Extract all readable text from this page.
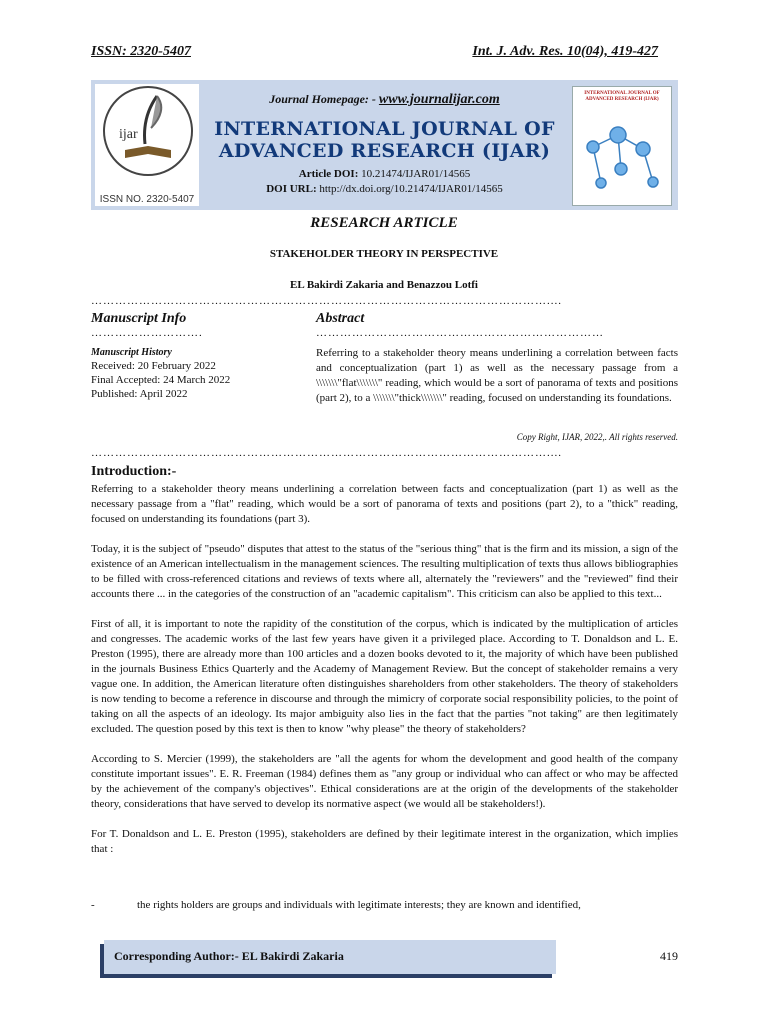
ISSN: 2320-5407	Int. J. Adv. Res. 10(04), 419-427
ijar
ISSN NO. 2320-5407
Journal Homepage: - www.journalijar.com
INTERNATIONAL JOURNAL OF
ADVANCED RESEARCH (IJAR)
Article DOI: 10.21474/IJAR01/14565
DOI URL: http://dx.doi.org/10.21474/IJAR01/14565
INTERNATIONAL JOURNAL OF ADVANCED RESEARCH (IJAR)
RESEARCH ARTICLE
STAKEHOLDER THEORY IN PERSPECTIVE
EL Bakirdi Zakaria and Benazzou Lotfi
……………………………………………………………………………………………………....
Manuscript Info	Abstract
……………………….	………………………………………………………………
Manuscript History
Received: 20 February 2022
Final Accepted: 24 March 2022
Published: April 2022
Referring to a stakeholder theory means underlining a correlation between facts and conceptualization (part 1) as well as the necessary passage from a \\\\\\\"flat\\\\\\\" reading, which would be a sort of panorama of texts and positions (part 2), to a \\\\\\\"thick\\\\\\\" reading, focused on understanding its foundations.
Copy Right, IJAR, 2022,. All rights reserved.
……………………………………………………………………………………………………....
Introduction:-

Referring to a stakeholder theory means underlining a correlation between facts and conceptualization (part 1) as well as the necessary passage from a "flat" reading, which would be a sort of panorama of texts and positions (part 2), to a "thick" reading, focused on understanding its foundations (part 3).

Today, it is the subject of "pseudo" disputes that attest to the status of the "serious thing" that is the firm and its mission, a sign of the existence of an American intellectualism in the management sciences. The resulting multiplication of texts thus allows bibliographies to be filled with cross-referenced citations and reviews of texts where all, alternately the "reviewers" and the "reviewed" find their accounts there ... in the categories of the construction of an "academic capitalism". This criticism can also be applied to this text...

First of all, it is important to note the rapidity of the constitution of the corpus, which is indicated by the multiplication of articles and congresses. The academic works of the last few years have given it a privileged place. According to T. Donaldson and L. E. Preston (1995), there are already more than 100 articles and a dozen books devoted to it, the majority of which have been published in the journals Business Ethics Quarterly and the Academy of Management Review. But the concept of stakeholder remains a very vague one. In addition, the American literature often distinguishes shareholders from other stakeholders. The theory of stakeholders is now tending to become a reference in discourse and through the mimicry of corporate social responsibility policies, to the point of taking on all the aspects of an ideology. Its major ambiguity also lies in the fact that the parties "not taking" are then legitimately excluded. The question posed by this text is then to know "why please" the theory of stakeholders?

According to S. Mercier (1999), the stakeholders are "all the agents for whom the development and good health of the company constitute important issues". E. R. Freeman (1984) defines them as "any group or individual who can affect or who may be affected by the achievement of the company's objectives". Ethical considerations are at the origin of the developments of the stakeholder theory, considerations that have served to develop its normative aspect (we would all be stakeholders!).

For T. Donaldson and L. E. Preston (1995), stakeholders are defined by their legitimate interest in the organization, which implies that :

-	the rights holders are groups and individuals with legitimate interests; they are known and identified,
Corresponding Author:- EL Bakirdi Zakaria	419
